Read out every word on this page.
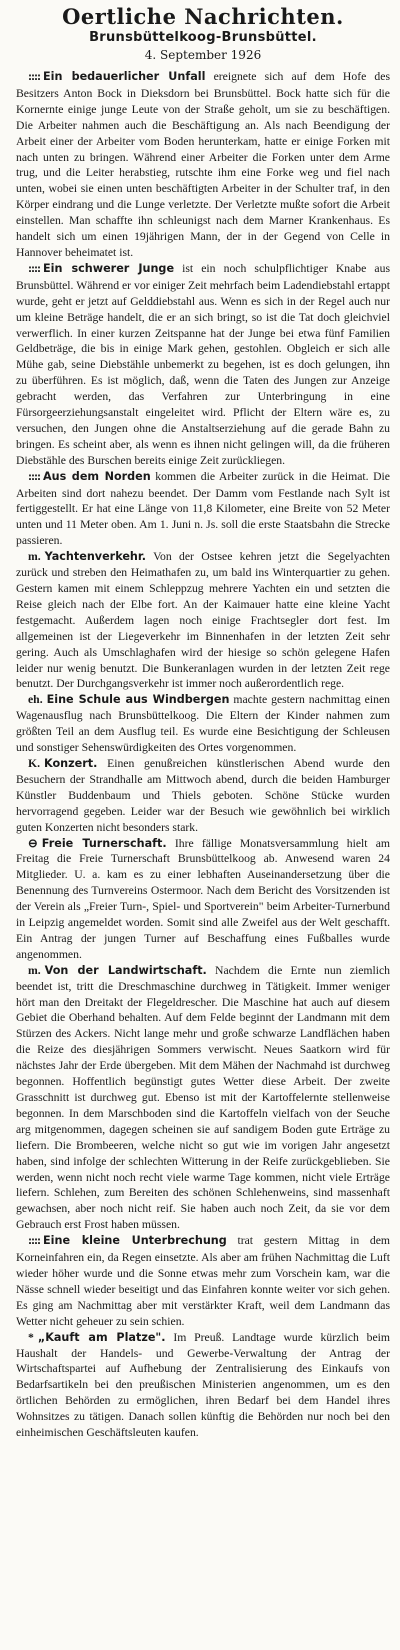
Oertliche Nachrichten.
Brunsbüttelkoog-Brunsbüttel.
4. September 1926

:::: Ein bedauerlicher Unfall ereignete sich auf dem Hofe des Besitzers Anton Bock in Dieksdorn bei Brunsbüttel. Bock hatte sich für die Kornernte einige junge Leute von der Straße geholt, um sie zu beschäftigen. Die Arbeiter nahmen auch die Beschäftigung an. Als nach Beendigung der Arbeit einer der Arbeiter vom Boden herunterkam, hatte er einige Forken mit nach unten zu bringen. Während einer Arbeiter die Forken unter dem Arme trug, und die Leiter herabstieg, rutschte ihm eine Forke weg und fiel nach unten, wobei sie einen unten beschäftigten Arbeiter in der Schulter traf, in den Körper eindrang und die Lunge verletzte. Der Verletzte mußte sofort die Arbeit einstellen. Man schaffte ihn schleunigst nach dem Marner Krankenhaus. Es handelt sich um einen 19jährigen Mann, der in der Gegend von Celle in Hannover beheimatet ist.

:::: Ein schwerer Junge ist ein noch schulpflichtiger Knabe aus Brunsbüttel. Während er vor einiger Zeit mehrfach beim Ladendiebstahl ertappt wurde, geht er jetzt auf Gelddiebstahl aus. Wenn es sich in der Regel auch nur um kleine Beträge handelt, die er an sich bringt, so ist die Tat doch gleichviel verwerflich. In einer kurzen Zeitspanne hat der Junge bei etwa fünf Familien Geldbeträge, die bis in einige Mark gehen, gestohlen. Obgleich er sich alle Mühe gab, seine Diebstähle unbemerkt zu begehen, ist es doch gelungen, ihn zu überführen. Es ist möglich, daß, wenn die Taten des Jungen zur Anzeige gebracht werden, das Verfahren zur Unterbringung in eine Fürsorgeerziehungsanstalt eingeleitet wird. Pflicht der Eltern wäre es, zu versuchen, den Jungen ohne die Anstaltserziehung auf die gerade Bahn zu bringen. Es scheint aber, als wenn es ihnen nicht gelingen will, da die früheren Diebstähle des Burschen bereits einige Zeit zurückliegen.

:::: Aus dem Norden kommen die Arbeiter zurück in die Heimat. Die Arbeiten sind dort nahezu beendet. Der Damm vom Festlande nach Sylt ist fertiggestellt. Er hat eine Länge von 11,8 Kilometer, eine Breite von 52 Meter unten und 11 Meter oben. Am 1. Juni n. Js. soll die erste Staatsbahn die Strecke passieren.

m. Yachtenverkehr. Von der Ostsee kehren jetzt die Segelyachten zurück und streben den Heimathafen zu, um bald ins Winterquartier zu gehen. Gestern kamen mit einem Schleppzug mehrere Yachten ein und setzten die Reise gleich nach der Elbe fort. An der Kaimauer hatte eine kleine Yacht festgemacht. Außerdem lagen noch einige Frachtsegler dort fest. Im allgemeinen ist der Liegeverkehr im Binnenhafen in der letzten Zeit sehr gering. Auch als Umschlaghafen wird der hiesige so schön gelegene Hafen leider nur wenig benutzt. Die Bunkeranlagen wurden in der letzten Zeit rege benutzt. Der Durchgangsverkehr ist immer noch außerordentlich rege.

eh. Eine Schule aus Windbergen machte gestern nachmittag einen Wagenausflug nach Brunsbüttelkoog. Die Eltern der Kinder nahmen zum größten Teil an dem Ausflug teil. Es wurde eine Besichtigung der Schleusen und sonstiger Sehenswürdigkeiten des Ortes vorgenommen.

K. Konzert. Einen genußreichen künstlerischen Abend wurde den Besuchern der Strandhalle am Mittwoch abend, durch die beiden Hamburger Künstler Buddenbaum und Thiels geboten. Schöne Stücke wurden hervorragend gegeben. Leider war der Besuch wie gewöhnlich bei wirklich guten Konzerten nicht besonders stark.

⊖ Freie Turnerschaft. Ihre fällige Monatsversammlung hielt am Freitag die Freie Turnerschaft Brunsbüttelkoog ab. Anwesend waren 24 Mitglieder. U. a. kam es zu einer lebhaften Auseinandersetzung über die Benennung des Turnvereins Ostermoor. Nach dem Bericht des Vorsitzenden ist der Verein als „Freier Turn-, Spiel- und Sportverein" beim Arbeiter-Turnerbund in Leipzig angemeldet worden. Somit sind alle Zweifel aus der Welt geschafft. Ein Antrag der jungen Turner auf Beschaffung eines Fußballes wurde angenommen.

m. Von der Landwirtschaft. Nachdem die Ernte nun ziemlich beendet ist, tritt die Dreschmaschine durchweg in Tätigkeit. Immer weniger hört man den Dreitakt der Flegeldrescher. Die Maschine hat auch auf diesem Gebiet die Oberhand behalten. Auf dem Felde beginnt der Landmann mit dem Stürzen des Ackers. Nicht lange mehr und große schwarze Landflächen haben die Reize des diesjährigen Sommers verwischt. Neues Saatkorn wird für nächstes Jahr der Erde übergeben. Mit dem Mähen der Nachmahd ist durchweg begonnen. Hoffentlich begünstigt gutes Wetter diese Arbeit. Der zweite Grasschnitt ist durchweg gut. Ebenso ist mit der Kartoffelernte stellenweise begonnen. In dem Marschboden sind die Kartoffeln vielfach von der Seuche arg mitgenommen, dagegen scheinen sie auf sandigem Boden gute Erträge zu liefern. Die Brombeeren, welche nicht so gut wie im vorigen Jahr angesetzt haben, sind infolge der schlechten Witterung in der Reife zurückgeblieben. Sie werden, wenn nicht noch recht viele warme Tage kommen, nicht viele Erträge liefern. Schlehen, zum Bereiten des schönen Schlehenweins, sind massenhaft gewachsen, aber noch nicht reif. Sie haben auch noch Zeit, da sie vor dem Gebrauch erst Frost haben müssen.

:::: Eine kleine Unterbrechung trat gestern Mittag in dem Korneinfahren ein, da Regen einsetzte. Als aber am frühen Nachmittag die Luft wieder höher wurde und die Sonne etwas mehr zum Vorschein kam, war die Nässe schnell wieder beseitigt und das Einfahren konnte weiter vor sich gehen. Es ging am Nachmittag aber mit verstärkter Kraft, weil dem Landmann das Wetter nicht geheuer zu sein schien.

* „Kauft am Platze". Im Preuß. Landtage wurde kürzlich beim Haushalt der Handels- und Gewerbe-Verwaltung der Antrag der Wirtschaftspartei auf Aufhebung der Zentralisierung des Einkaufs von Bedarfsartikeln bei den preußischen Ministerien angenommen, um es den örtlichen Behörden zu ermöglichen, ihren Bedarf bei dem Handel ihres Wohnsitzes zu tätigen. Danach sollen künftig die Behörden nur noch bei den einheimischen Geschäftsleuten kaufen.
